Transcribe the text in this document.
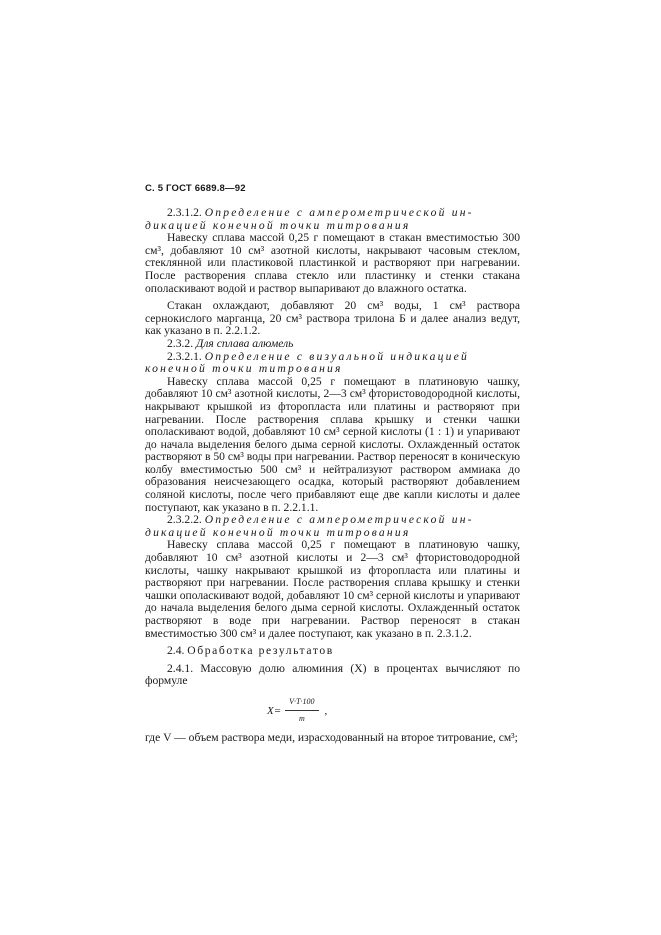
С. 5 ГОСТ 6689.8—92

2.3.1.2. Определение с амперометрической ин-

дикацией конечной точки титрования

Навеску сплава массой 0,25 г помещают в стакан вместимостью 300 см³, добавляют 10 см³ азотной кислоты, накрывают часовым стеклом, стеклянной или пластиковой пластинкой и растворяют при нагревании. После растворения сплава стекло или пластинку и стенки стакана ополаскивают водой и раствор выпаривают до влажного остатка.

Стакан охлаждают, добавляют 20 см³ воды, 1 см³ раствора сернокислого марганца, 20 см³ раствора трилона Б и далее анализ ведут, как указано в п. 2.2.1.2.

2.3.2. Для сплава алюмель

2.3.2.1. Определение с визуальной индикацией

конечной точки титрования

Навеску сплава массой 0,25 г помещают в платиновую чашку, добавляют 10 см³ азотной кислоты, 2—3 см³ фтористоводородной кислоты, накрывают крышкой из фторопласта или платины и растворяют при нагревании. После растворения сплава крышку и стенки чашки ополаскивают водой, добавляют 10 см³ серной кислоты (1 : 1) и упаривают до начала выделения белого дыма серной кислоты. Охлажденный остаток растворяют в 50 см³ воды при нагревании. Раствор переносят в коническую колбу вместимостью 500 см³ и нейтрализуют раствором аммиака до образования неисчезающего осадка, который растворяют добавлением соляной кислоты, после чего прибавляют еще две капли кислоты и далее поступают, как указано в п. 2.2.1.1.

2.3.2.2. Определение с амперометрической ин-

дикацией конечной точки титрования

Навеску сплава массой 0,25 г помещают в платиновую чашку, добавляют 10 см³ азотной кислоты и 2—3 см³ фтористоводородной кислоты, чашку накрывают крышкой из фторопласта или платины и растворяют при нагревании. После растворения сплава крышку и стенки чашки ополаскивают водой, добавляют 10 см³ серной кислоты и упаривают до начала выделения белого дыма серной кислоты. Охлажденный остаток растворяют в воде при нагревании. Раствор переносят в стакан вместимостью 300 см³ и далее поступают, как указано в п. 2.3.1.2.

2.4. Обработка результатов

2.4.1. Массовую долю алюминия (X) в процентах вычисляют по формуле

$X= \frac{V\cdot T\cdot 100}{m}$ ,
где V — объем раствора меди, израсходованный на второе титрование, см³;
